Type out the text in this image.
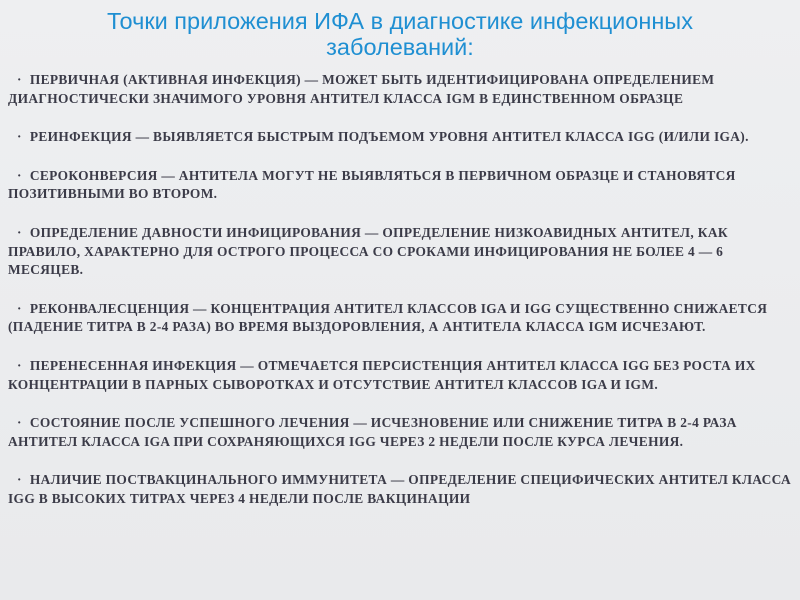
Точки приложения ИФА в диагностике инфекционных
заболеваний:
· ПЕРВИЧНАЯ (АКТИВНАЯ ИНФЕКЦИЯ) — МОЖЕТ БЫТЬ ИДЕНТИФИЦИРОВАНА ОПРЕДЕЛЕНИЕМ ДИАГНОСТИЧЕСКИ ЗНАЧИМОГО УРОВНЯ АНТИТЕЛ КЛАССА IGM В ЕДИНСТВЕННОМ ОБРАЗЦЕ
· РЕИНФЕКЦИЯ — ВЫЯВЛЯЕТСЯ БЫСТРЫМ ПОДЪЕМОМ УРОВНЯ АНТИТЕЛ КЛАССА IGG (И/ИЛИ IGA).
· СЕРОКОНВЕРСИЯ — АНТИТЕЛА МОГУТ НЕ ВЫЯВЛЯТЬСЯ В ПЕРВИЧНОМ ОБРАЗЦЕ И СТАНОВЯТСЯ ПОЗИТИВНЫМИ ВО ВТОРОМ.
· ОПРЕДЕЛЕНИЕ ДАВНОСТИ ИНФИЦИРОВАНИЯ — ОПРЕДЕЛЕНИЕ НИЗКОАВИДНЫХ АНТИТЕЛ, КАК ПРАВИЛО, ХАРАКТЕРНО ДЛЯ ОСТРОГО ПРОЦЕССА СО СРОКАМИ ИНФИЦИРОВАНИЯ НЕ БОЛЕЕ 4 — 6 МЕСЯЦЕВ.
· РЕКОНВАЛЕСЦЕНЦИЯ — КОНЦЕНТРАЦИЯ АНТИТЕЛ КЛАССОВ IGA И IGG СУЩЕСТВЕННО СНИЖАЕТСЯ (ПАДЕНИЕ ТИТРА В 2-4 РАЗА) ВО ВРЕМЯ ВЫЗДОРОВЛЕНИЯ, А АНТИТЕЛА КЛАССА IGM ИСЧЕЗАЮТ.
· ПЕРЕНЕСЕННАЯ ИНФЕКЦИЯ — ОТМЕЧАЕТСЯ ПЕРСИСТЕНЦИЯ АНТИТЕЛ КЛАССА IGG БЕЗ РОСТА ИХ КОНЦЕНТРАЦИИ В ПАРНЫХ СЫВОРОТКАХ И ОТСУТСТВИЕ АНТИТЕЛ КЛАССОВ IGA И IGM.
· СОСТОЯНИЕ ПОСЛЕ УСПЕШНОГО ЛЕЧЕНИЯ — ИСЧЕЗНОВЕНИЕ ИЛИ СНИЖЕНИЕ ТИТРА В 2-4 РАЗА АНТИТЕЛ КЛАССА IGA ПРИ СОХРАНЯЮЩИХСЯ IGG ЧЕРЕЗ 2 НЕДЕЛИ ПОСЛЕ КУРСА ЛЕЧЕНИЯ.
· НАЛИЧИЕ ПОСТВАКЦИНАЛЬНОГО ИММУНИТЕТА — ОПРЕДЕЛЕНИЕ СПЕЦИФИЧЕСКИХ АНТИТЕЛ КЛАССА IGG В ВЫСОКИХ ТИТРАХ ЧЕРЕЗ 4 НЕДЕЛИ ПОСЛЕ ВАКЦИНАЦИИ
